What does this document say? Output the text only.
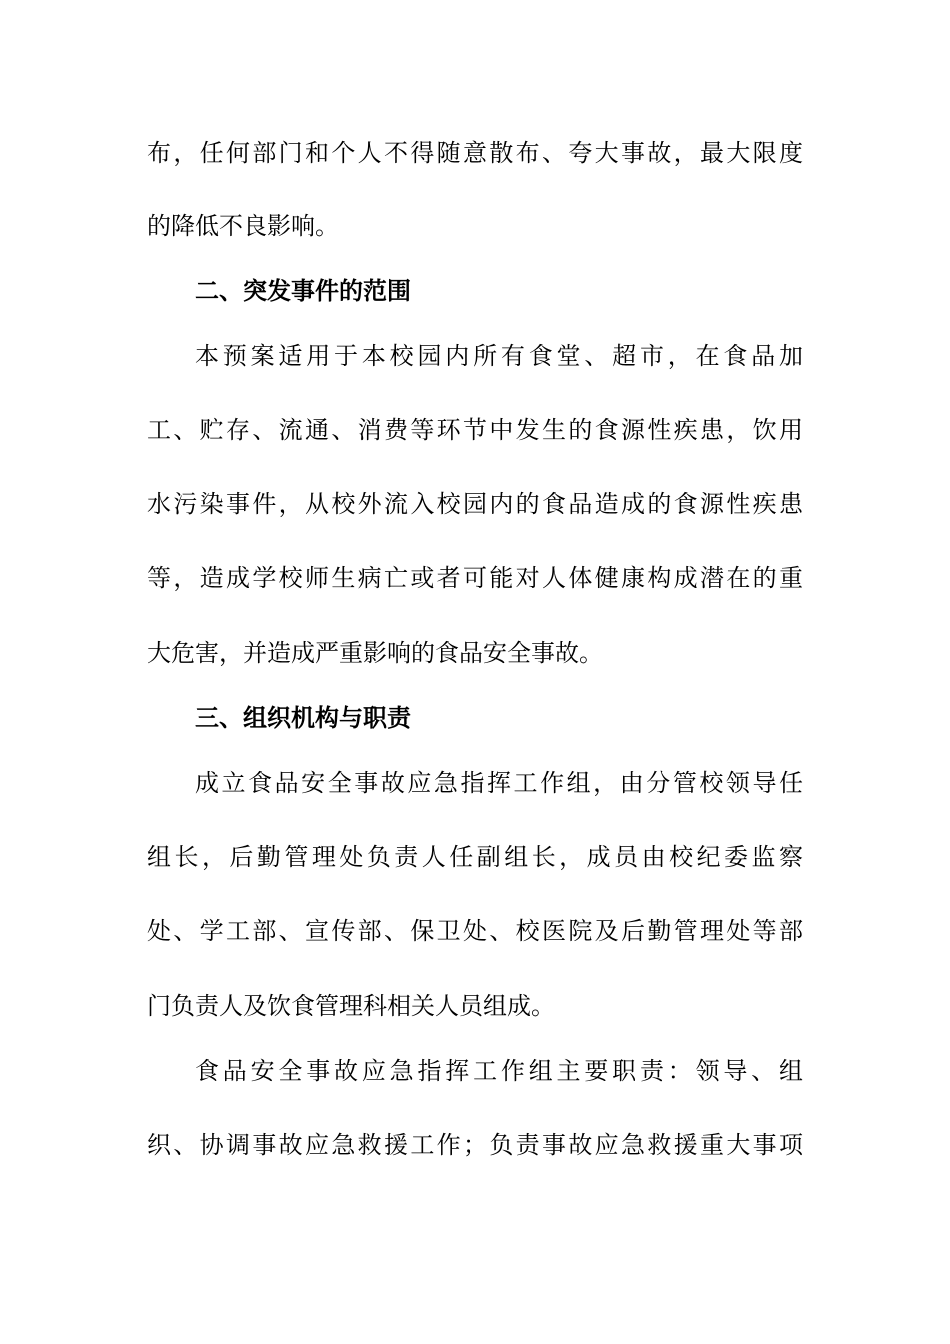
布，任何部门和个人不得随意散布、夸大事故，最大限度
的降低不良影响。
二、突发事件的范围
本预案适用于本校园内所有食堂、超市，在食品加
工、贮存、流通、消费等环节中发生的食源性疾患，饮用
水污染事件，从校外流入校园内的食品造成的食源性疾患
等，造成学校师生病亡或者可能对人体健康构成潜在的重
大危害，并造成严重影响的食品安全事故。
三、组织机构与职责
成立食品安全事故应急指挥工作组，由分管校领导任
组长，后勤管理处负责人任副组长，成员由校纪委监察
处、学工部、宣传部、保卫处、校医院及后勤管理处等部
门负责人及饮食管理科相关人员组成。
食品安全事故应急指挥工作组主要职责：领导、组
织、协调事故应急救援工作；负责事故应急救援重大事项
